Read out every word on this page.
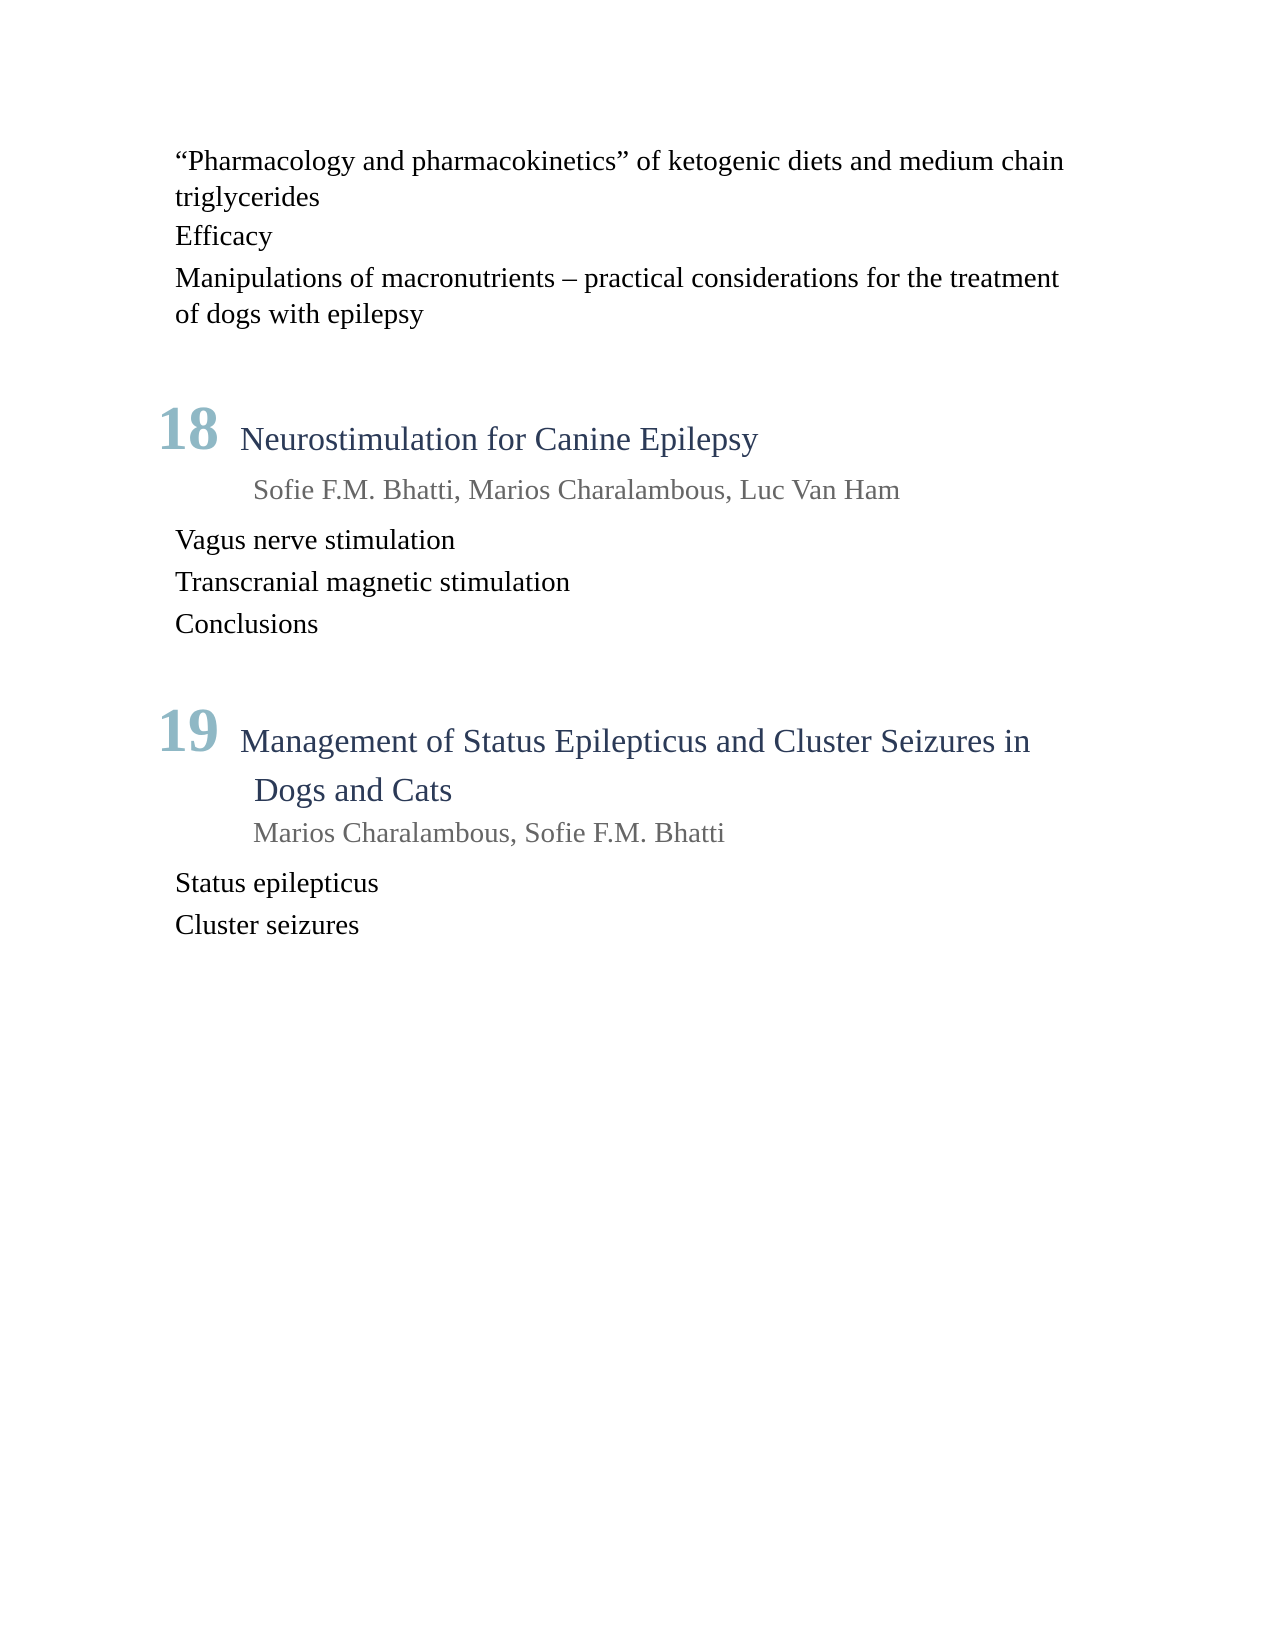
“Pharmacology and pharmacokinetics” of ketogenic diets and medium chain triglycerides
Efficacy
Manipulations of macronutrients – practical considerations for the treatment of dogs with epilepsy
18 Neurostimulation for Canine Epilepsy
Sofie F.M. Bhatti, Marios Charalambous, Luc Van Ham
Vagus nerve stimulation
Transcranial magnetic stimulation
Conclusions
19 Management of Status Epilepticus and Cluster Seizures in
Dogs and Cats
Marios Charalambous, Sofie F.M. Bhatti
Status epilepticus
Cluster seizures
